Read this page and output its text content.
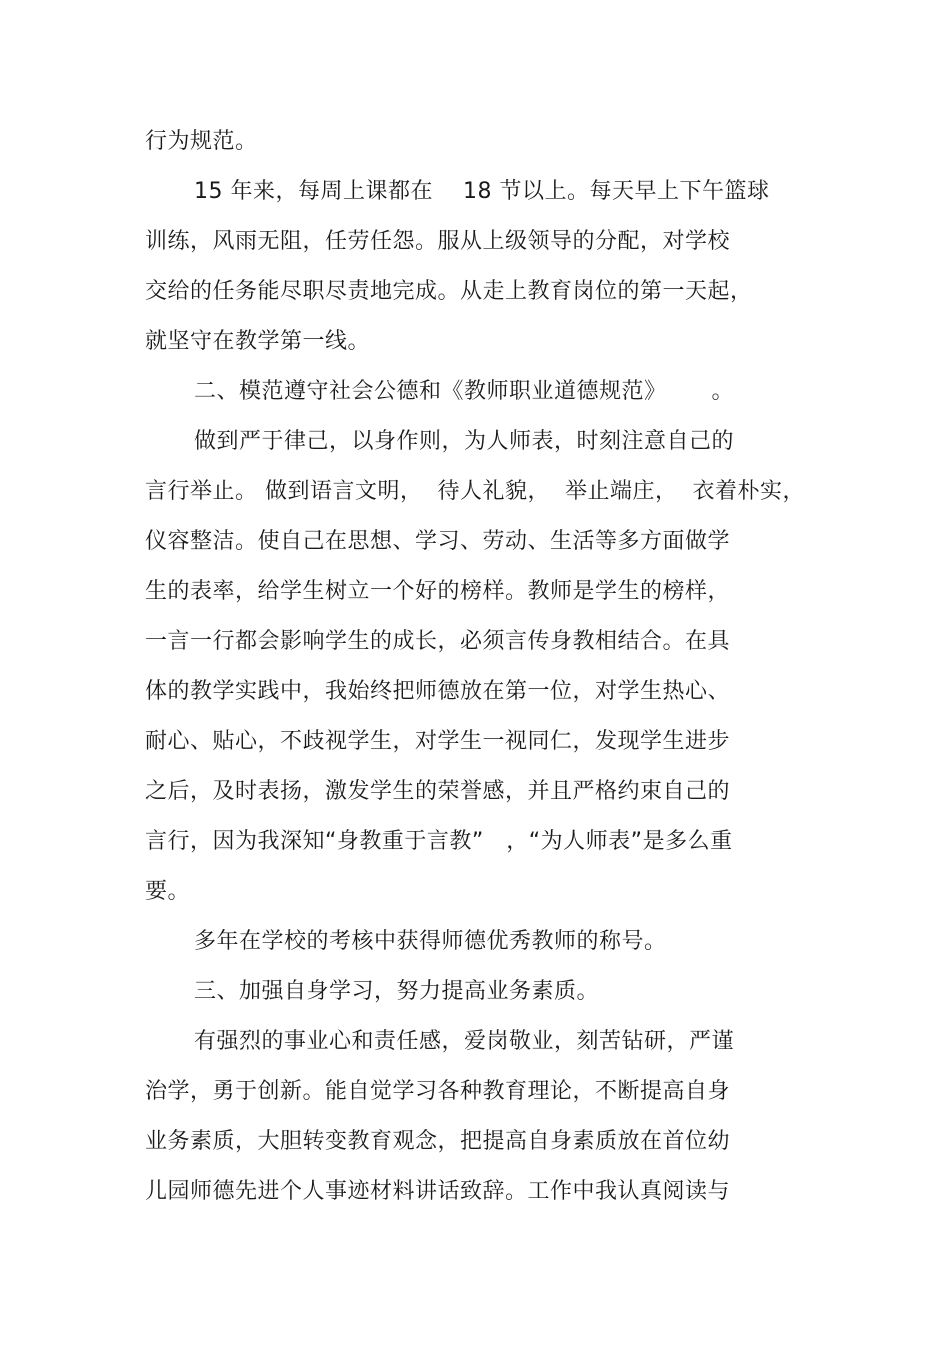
行为规范。
15 年来，每周上课都在    18 节以上。每天早上下午篮球
训练，风雨无阻，任劳任怨。服从上级领导的分配，对学校
交给的任务能尽职尽责地完成。从走上教育岗位的第一天起，
就坚守在教学第一线。
二、模范遵守社会公德和《教师职业道德规范》      。
做到严于律己，以身作则，为人师表，时刻注意自己的
言行举止。 做到语言文明，  待人礼貌，  举止端庄，  衣着朴实，
仪容整洁。使自己在思想、学习、劳动、生活等多方面做学
生的表率，给学生树立一个好的榜样。教师是学生的榜样，
一言一行都会影响学生的成长，必须言传身教相结合。在具
体的教学实践中，我始终把师德放在第一位，对学生热心、
耐心、贴心，不歧视学生，对学生一视同仁，发现学生进步
之后，及时表扬，激发学生的荣誉感，并且严格约束自己的
言行，因为我深知“身教重于言教”   ，“为人师表”是多么重
要。
多年在学校的考核中获得师德优秀教师的称号。
三、加强自身学习，努力提高业务素质。
有强烈的事业心和责任感，爱岗敬业，刻苦钻研，严谨
治学，勇于创新。能自觉学习各种教育理论，不断提高自身
业务素质，大胆转变教育观念，把提高自身素质放在首位幼
儿园师德先进个人事迹材料讲话致辞。工作中我认真阅读与
